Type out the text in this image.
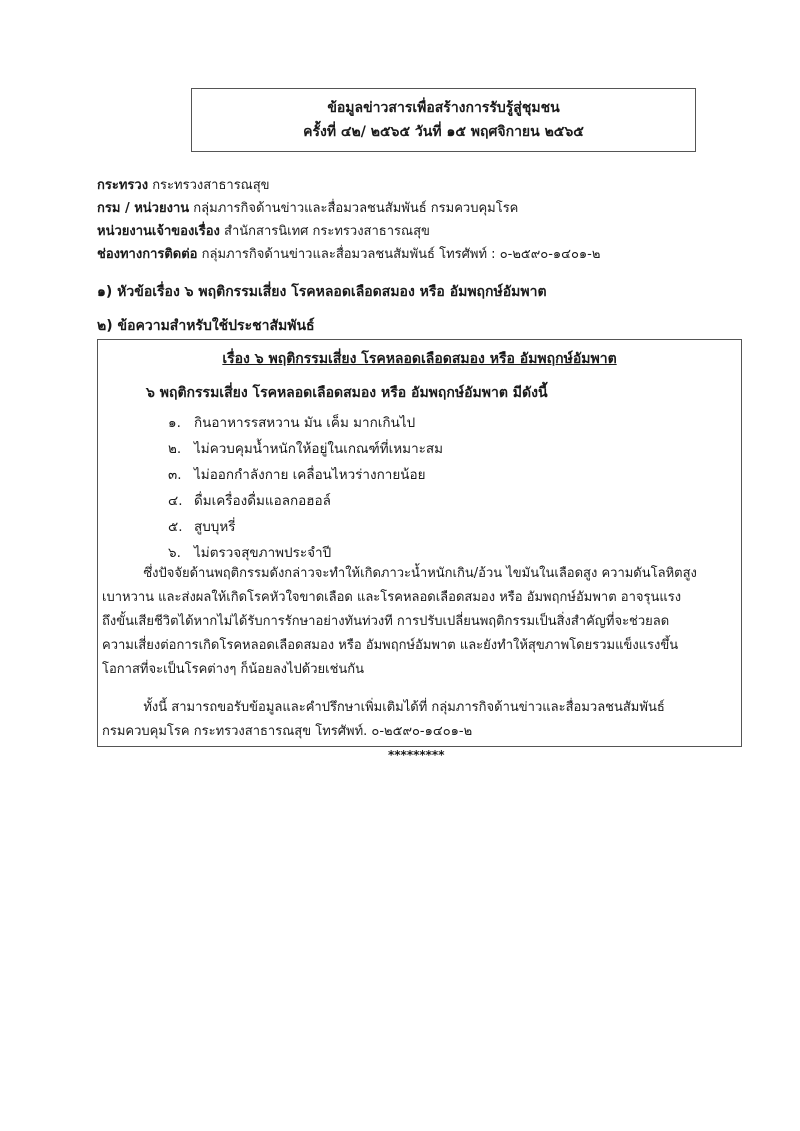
ข้อมูลข่าวสารเพื่อสร้างการรับรู้สู่ชุมชน
ครั้งที่ ๔๒/ ๒๕๖๕ วันที่ ๑๕ พฤศจิกายน ๒๕๖๕
กระทรวง กระทรวงสาธารณสุข
กรม / หน่วยงาน กลุ่มภารกิจด้านข่าวและสื่อมวลชนสัมพันธ์ กรมควบคุมโรค
หน่วยงานเจ้าของเรื่อง สำนักสารนิเทศ กระทรวงสาธารณสุข
ช่องทางการติดต่อ กลุ่มภารกิจด้านข่าวและสื่อมวลชนสัมพันธ์ โทรศัพท์ : ๐-๒๕๙๐-๑๔๐๑-๒
๑) หัวข้อเรื่อง ๖ พฤติกรรมเสี่ยง โรคหลอดเลือดสมอง หรือ อัมพฤกษ์อัมพาต
๒) ข้อความสำหรับใช้ประชาสัมพันธ์
เรื่อง ๖ พฤติกรรมเสี่ยง โรคหลอดเลือดสมอง หรือ อัมพฤกษ์อัมพาต
๖ พฤติกรรมเสี่ยง โรคหลอดเลือดสมอง หรือ อัมพฤกษ์อัมพาต มีดังนี้
๑. กินอาหารรสหวาน มัน เค็ม มากเกินไป
๒. ไม่ควบคุมน้ำหนักให้อยู่ในเกณฑ์ที่เหมาะสม
๓. ไม่ออกกำลังกาย เคลื่อนไหวร่างกายน้อย
๔. ดื่มเครื่องดื่มแอลกอฮอล์
๕. สูบบุหรี่
๖. ไม่ตรวจสุขภาพประจำปี
ซึ่งปัจจัยด้านพฤติกรรมดังกล่าวจะทำให้เกิดภาวะน้ำหนักเกิน/อ้วน ไขมันในเลือดสูง ความดันโลหิตสูง
เบาหวาน และส่งผลให้เกิดโรคหัวใจขาดเลือด และโรคหลอดเลือดสมอง หรือ อัมพฤกษ์อัมพาต อาจรุนแรง
ถึงขั้นเสียชีวิตได้หากไม่ได้รับการรักษาอย่างทันท่วงที การปรับเปลี่ยนพฤติกรรมเป็นสิ่งสำคัญที่จะช่วยลด
ความเสี่ยงต่อการเกิดโรคหลอดเลือดสมอง หรือ อัมพฤกษ์อัมพาต และยังทำให้สุขภาพโดยรวมแข็งแรงขึ้น
โอกาสที่จะเป็นโรคต่างๆ ก็น้อยลงไปด้วยเช่นกัน
ทั้งนี้ สามารถขอรับข้อมูลและคำปรึกษาเพิ่มเติมได้ที่ กลุ่มภารกิจด้านข่าวและสื่อมวลชนสัมพันธ์
กรมควบคุมโรค กระทรวงสาธารณสุข โทรศัพท์. ๐-๒๕๙๐-๑๔๐๑-๒
*********
